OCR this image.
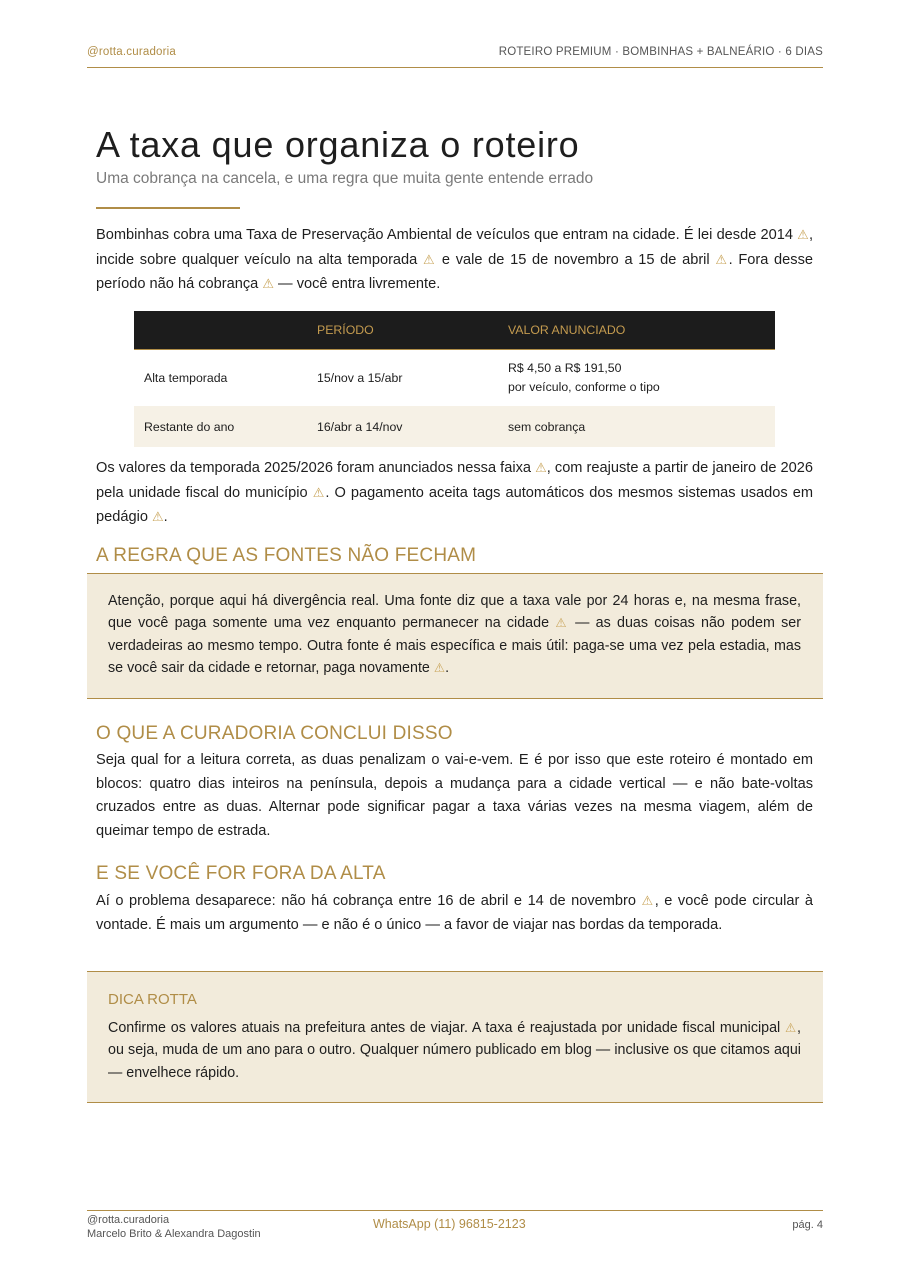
@rotta.curadoria	ROTEIRO PREMIUM · BOMBINHAS + BALNEÁRIO · 6 DIAS
A taxa que organiza o roteiro
Uma cobrança na cancela, e uma regra que muita gente entende errado

Bombinhas cobra uma Taxa de Preservação Ambiental de veículos que entram na cidade. É lei desde 2014 ⚠, incide sobre qualquer veículo na alta temporada ⚠ e vale de 15 de novembro a 15 de abril ⚠. Fora desse período não há cobrança ⚠ — você entra livremente.

	PERÍODO	VALOR ANUNCIADO
Alta temporada	15/nov a 15/abr	R$ 4,50 a R$ 191,50
por veículo, conforme o tipo

Restante do ano	16/abr a 14/nov	sem cobrança

Os valores da temporada 2025/2026 foram anunciados nessa faixa ⚠, com reajuste a partir de janeiro de 2026 pela unidade fiscal do município ⚠. O pagamento aceita tags automáticos dos mesmos sistemas usados em pedágio ⚠.

A REGRA QUE AS FONTES NÃO FECHAM

Atenção, porque aqui há divergência real. Uma fonte diz que a taxa vale por 24 horas e, na mesma frase, que você paga somente uma vez enquanto permanecer na cidade ⚠ — as duas coisas não podem ser verdadeiras ao mesmo tempo. Outra fonte é mais específica e mais útil: paga-se uma vez pela estadia, mas se você sair da cidade e retornar, paga novamente ⚠.

O QUE A CURADORIA CONCLUI DISSO

Seja qual for a leitura correta, as duas penalizam o vai-e-vem. E é por isso que este roteiro é montado em blocos: quatro dias inteiros na península, depois a mudança para a cidade vertical — e não bate-voltas cruzados entre as duas. Alternar pode significar pagar a taxa várias vezes na mesma viagem, além de queimar tempo de estrada.

E SE VOCÊ FOR FORA DA ALTA

Aí o problema desaparece: não há cobrança entre 16 de abril e 14 de novembro ⚠, e você pode circular à vontade. É mais um argumento — e não é o único — a favor de viajar nas bordas da temporada.

DICA ROTTA

Confirme os valores atuais na prefeitura antes de viajar. A taxa é reajustada por unidade fiscal municipal ⚠, ou seja, muda de um ano para o outro. Qualquer número publicado em blog — inclusive os que citamos aqui — envelhece rápido.

@rotta.curadoria
Marcelo Brito & Alexandra Dagostin
WhatsApp (11) 96815-2123	pág. 4
